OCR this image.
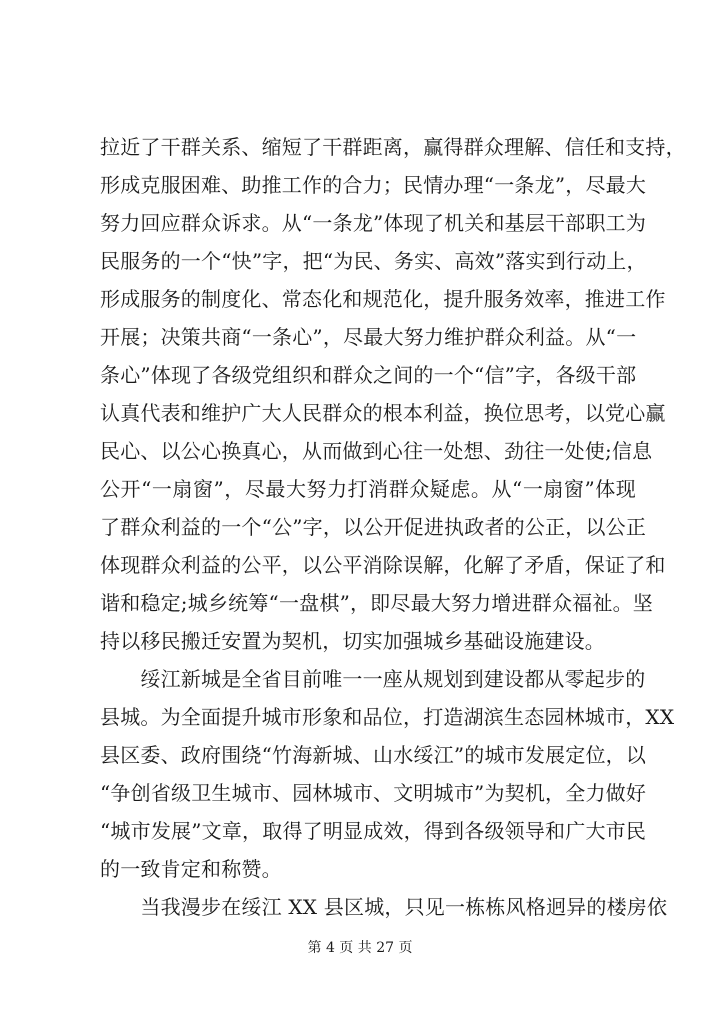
拉近了干群关系、缩短了干群距离，赢得群众理解、信任和支持，
形成克服困难、助推工作的合力；民情办理“一条龙”，尽最大
努力回应群众诉求。从“一条龙”体现了机关和基层干部职工为
民服务的一个“快”字，把“为民、务实、高效”落实到行动上，
形成服务的制度化、常态化和规范化，提升服务效率，推进工作
开展；决策共商“一条心”，尽最大努力维护群众利益。从“一
条心”体现了各级党组织和群众之间的一个“信”字，各级干部
认真代表和维护广大人民群众的根本利益，换位思考，以党心赢
民心、以公心换真心，从而做到心往一处想、劲往一处使;信息
公开“一扇窗”，尽最大努力打消群众疑虑。从“一扇窗”体现
了群众利益的一个“公”字，以公开促进执政者的公正，以公正
体现群众利益的公平，以公平消除误解，化解了矛盾，保证了和
谐和稳定;城乡统筹“一盘棋”，即尽最大努力增进群众福祉。坚
持以移民搬迁安置为契机，切实加强城乡基础设施建设。
　　绥江新城是全省目前唯一一座从规划到建设都从零起步的
县城。为全面提升城市形象和品位，打造湖滨生态园林城市，XX
县区委、政府围绕“竹海新城、山水绥江”的城市发展定位，以
“争创省级卫生城市、园林城市、文明城市”为契机，全力做好
“城市发展”文章，取得了明显成效，得到各级领导和广大市民
的一致肯定和称赞。
　　当我漫步在绥江 XX 县区城，只见一栋栋风格迥异的楼房依
第 4 页 共 27 页
